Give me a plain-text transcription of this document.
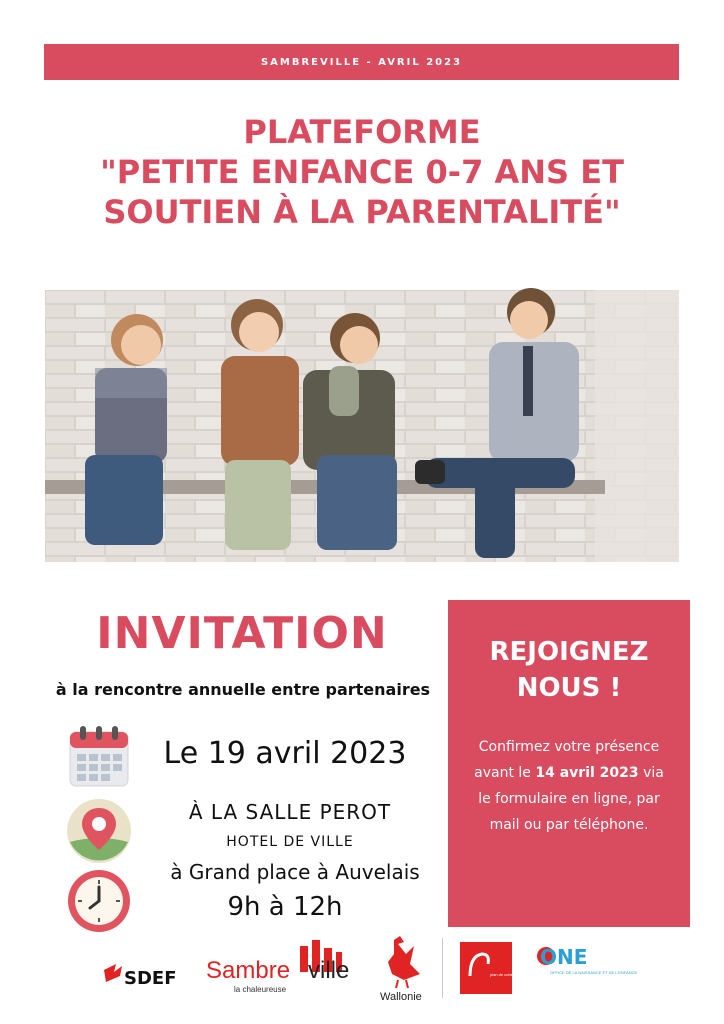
SAMBREVILLE - AVRIL 2023
PLATEFORME
"PETITE ENFANCE 0-7 ANS ET
SOUTIEN À LA PARENTALITÉ"
INVITATION
à la rencontre annuelle entre partenaires
Le 19 avril 2023
À LA SALLE PEROT
HOTEL DE VILLE
à Grand place à Auvelais
9h à 12h
REJOIGNEZ
NOUS !
Confirmez votre présence avant le 14 avril 2023 via le formulaire en ligne, par mail ou par téléphone.
SDEF Sambre ville
la chaleureuse
Wallonie
plan de cohésion sociale
ONE
OFFICE DE LA NAISSANCE ET DE L'ENFANCE
